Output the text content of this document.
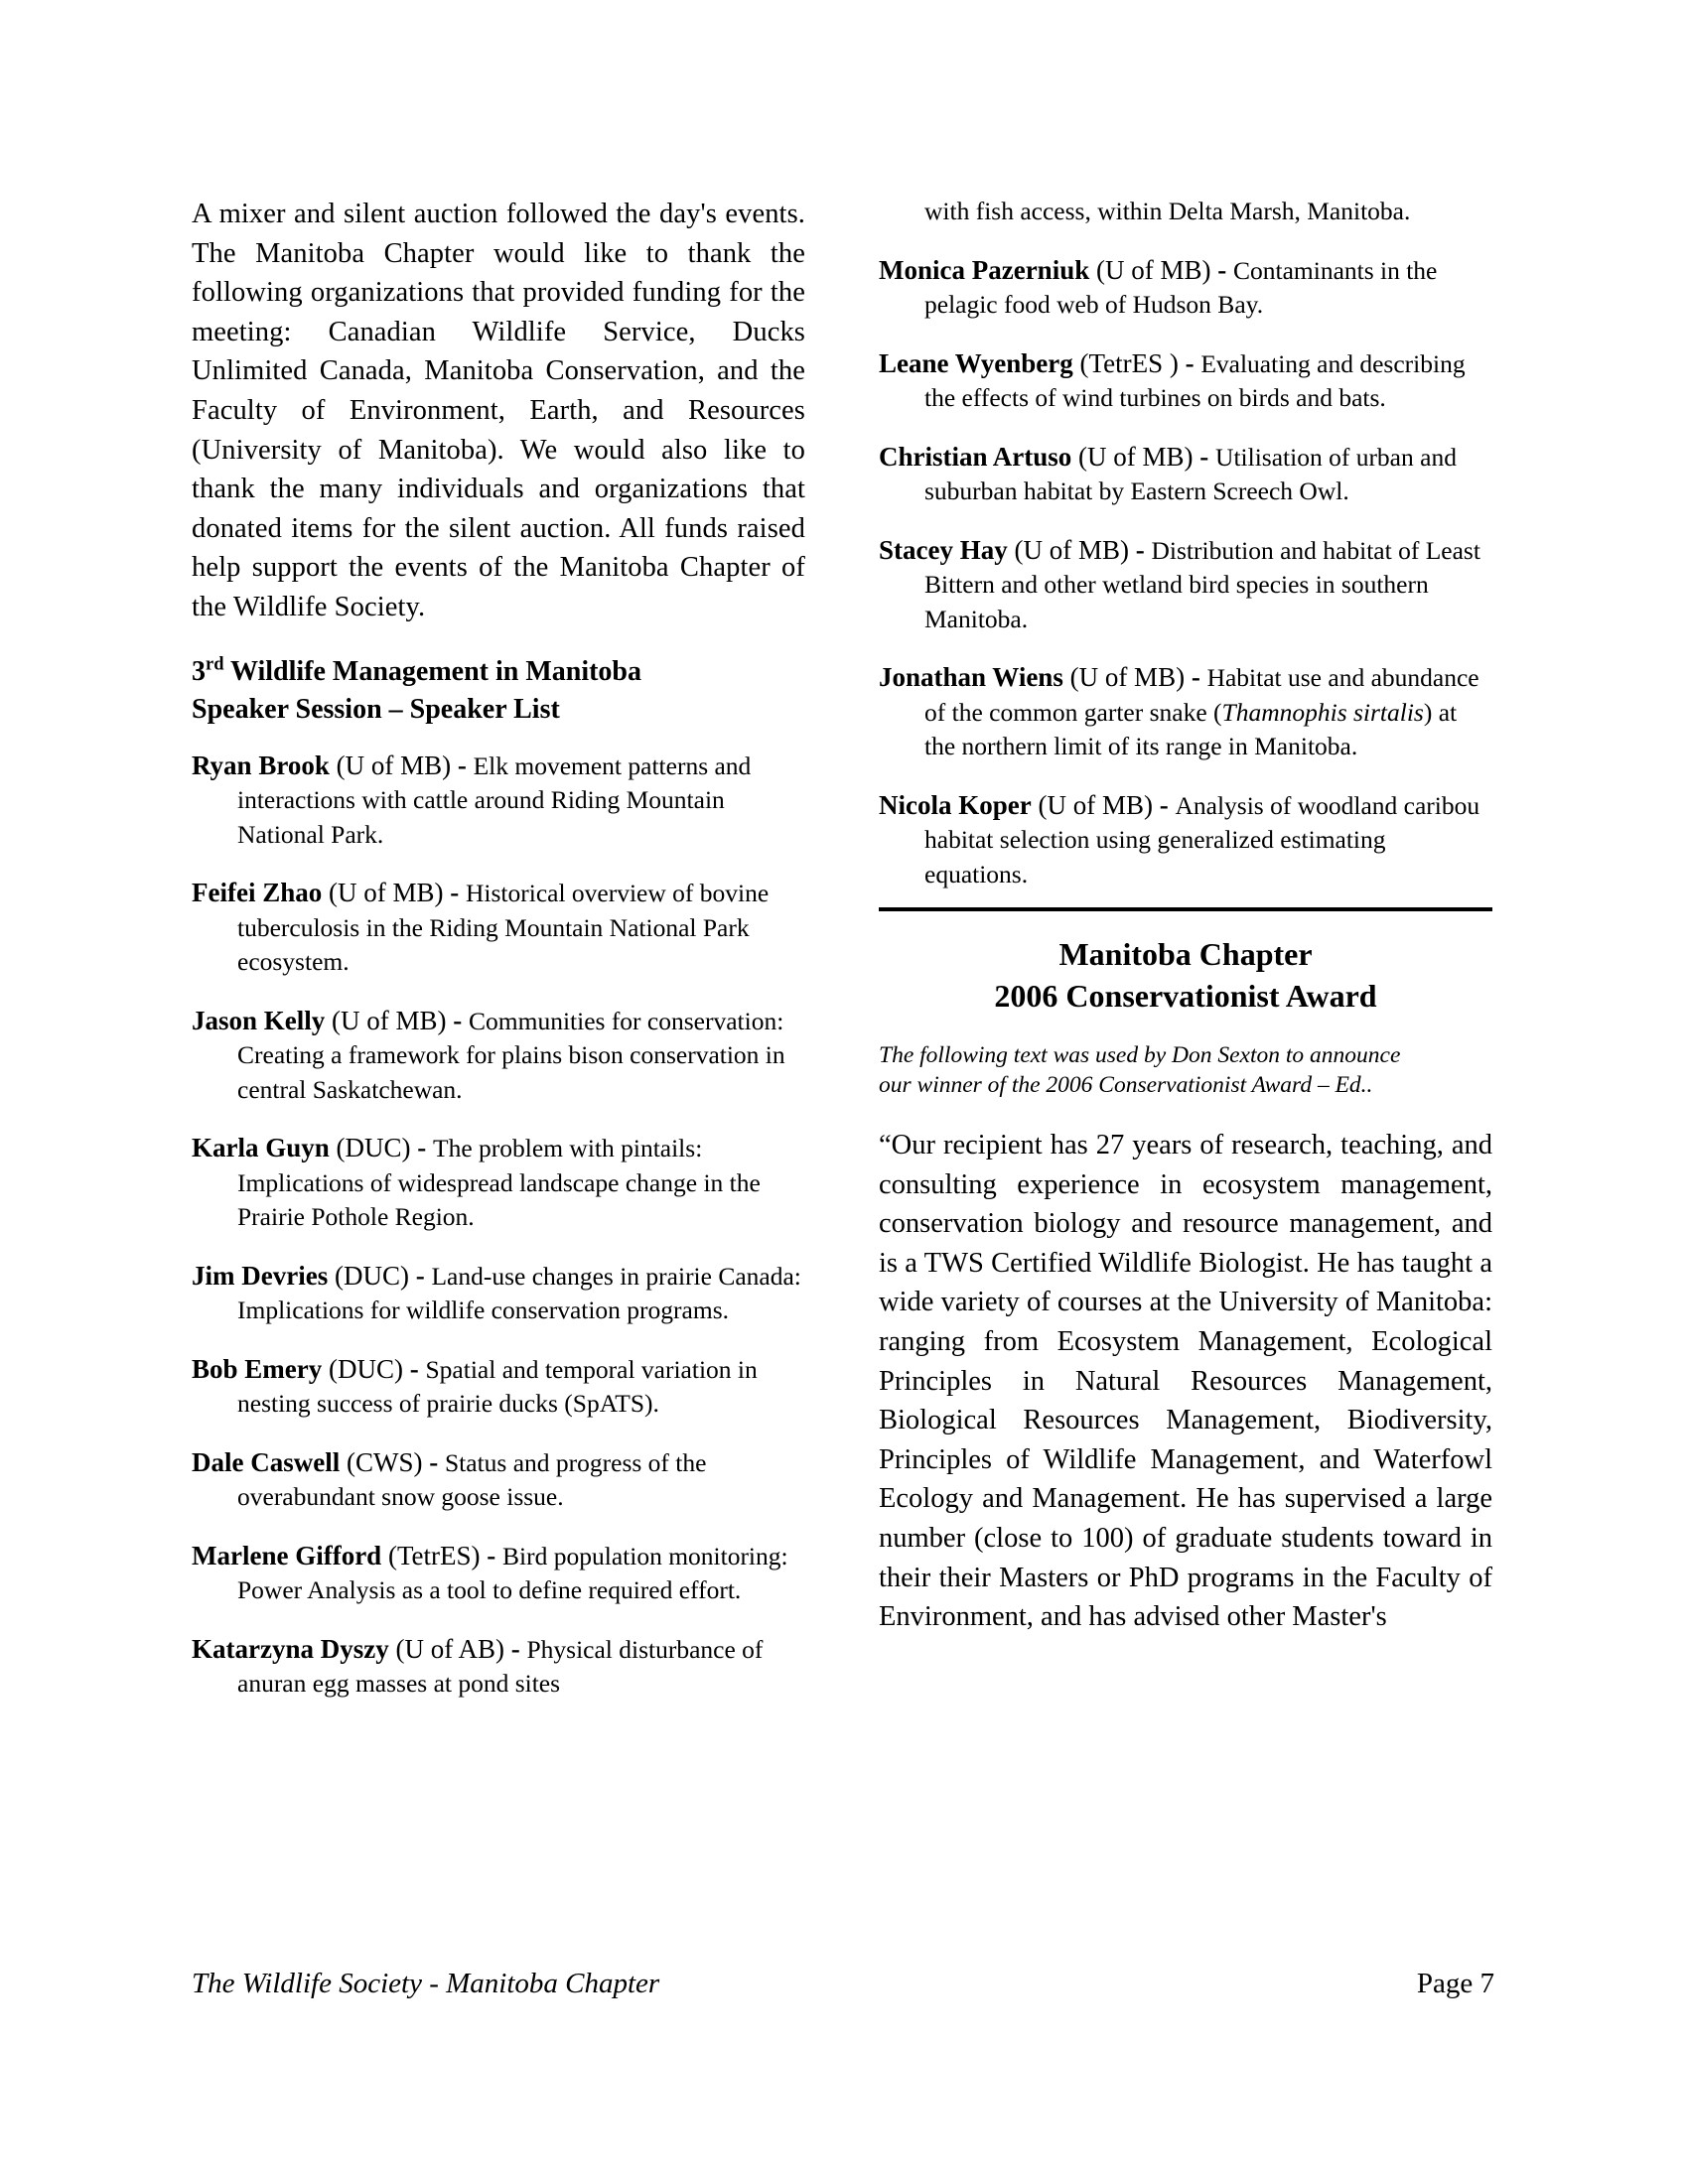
A mixer and silent auction followed the day's events. The Manitoba Chapter would like to thank the following organizations that provided funding for the meeting: Canadian Wildlife Service, Ducks Unlimited Canada, Manitoba Conservation, and the Faculty of Environment, Earth, and Resources (University of Manitoba). We would also like to thank the many individuals and organizations that donated items for the silent auction. All funds raised help support the events of the Manitoba Chapter of the Wildlife Society.

3rd Wildlife Management in Manitoba
Speaker Session – Speaker List

Ryan Brook (U of MB) - Elk movement patterns and interactions with cattle around Riding Mountain National Park.

Feifei Zhao (U of MB) - Historical overview of bovine tuberculosis in the Riding Mountain National Park ecosystem.

Jason Kelly (U of MB) - Communities for conservation: Creating a framework for plains bison conservation in central Saskatchewan.

Karla Guyn (DUC) - The problem with pintails: Implications of widespread landscape change in the Prairie Pothole Region.

Jim Devries (DUC) - Land-use changes in prairie Canada: Implications for wildlife conservation programs.

Bob Emery (DUC) - Spatial and temporal variation in nesting success of prairie ducks (SpATS).

Dale Caswell (CWS) - Status and progress of the overabundant snow goose issue.

Marlene Gifford (TetrES) - Bird population monitoring: Power Analysis as a tool to define required effort.

Katarzyna Dyszy (U of AB) - Physical disturbance of anuran egg masses at pond sites

with fish access, within Delta Marsh, Manitoba.

Monica Pazerniuk (U of MB) - Contaminants in the pelagic food web of Hudson Bay.

Leane Wyenberg (TetrES ) - Evaluating and describing the effects of wind turbines on birds and bats.

Christian Artuso (U of MB) - Utilisation of urban and suburban habitat by Eastern Screech Owl.

Stacey Hay (U of MB) - Distribution and habitat of Least Bittern and other wetland bird species in southern Manitoba.

Jonathan Wiens (U of MB) - Habitat use and abundance of the common garter snake (Thamnophis sirtalis) at the northern limit of its range in Manitoba.

Nicola Koper (U of MB) - Analysis of woodland caribou habitat selection using generalized estimating equations.

Manitoba Chapter
2006 Conservationist Award
The following text was used by Don Sexton to announce
our winner of the 2006 Conservationist Award – Ed..

“Our recipient has 27 years of research, teaching, and consulting experience in ecosystem management, conservation biology and resource management, and is a TWS Certified Wildlife Biologist. He has taught a wide variety of courses at the University of Manitoba: ranging from Ecosystem Management, Ecological Principles in Natural Resources Management, Biological Resources Management, Biodiversity, Principles of Wildlife Management, and Waterfowl Ecology and Management. He has supervised a large number (close to 100) of graduate students toward in their their Masters or PhD programs in the Faculty of Environment, and has advised other Master's

The Wildlife Society - Manitoba Chapter	Page 7
